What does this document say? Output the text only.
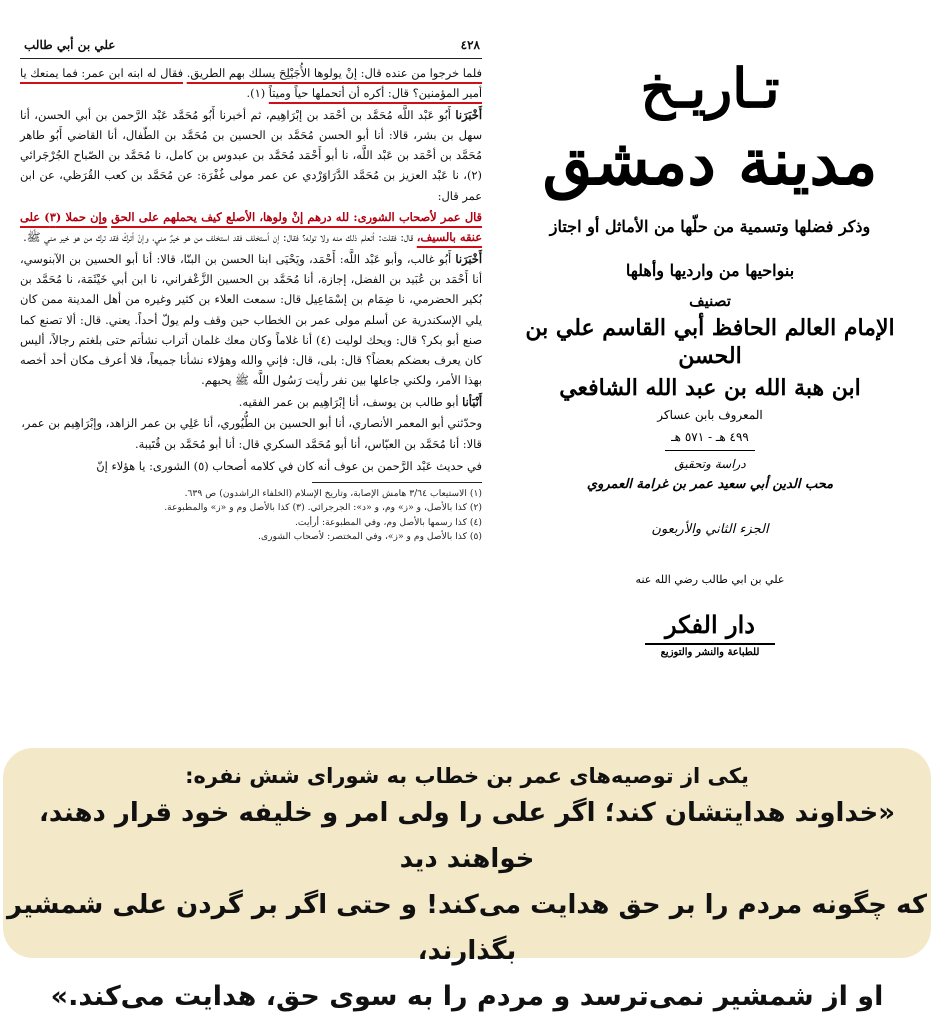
٤٢٨
علي بن أبي طالب

فلما خرجوا من عنده قال: إنْ يولوها الأُجَيْلِحَ يسلك بهم الطريق. فقال له ابنه ابن عمر: فما يمنعك يا أمير المؤمنين؟ قال: أكره أن أتحملها حياً وميتاً (١).

أَخْبَرَنا أَبُو عَبْد اللَّه مُحَمَّد بن أحْمَد بن إبْرَاهِيم، ثم أخبرنا أَبُو مُحَمَّد عَبْد الرَّحمن بن أبي الحسن، أنا سهل بن بشر، قالا: أنا أبو الحسن مُحَمَّد بن الحسين بن مُحَمَّد بن الطّفال، أنا القاضي أَبُو طاهر مُحَمَّد بن أحْمَد بن عَبْد اللَّه، نا أبو أَحْمَد مُحَمَّد بن عبدوس بن كامل، نا مُحَمَّد بن الصّباح الجُرْجَرائي (٢)، نا عَبْد العزيز بن مُحَمَّد الدَّرَاوَرْدي عن عمر مولى غُفْرَة: عن مُحَمَّد بن كعب القُرَظي، عن ابن عمر قال:

قال عمر لأصحاب الشورى: لله درهم إنْ ولوها، الأصلع كيف يحملهم على الحق وإن حملا (٣) على عنقه بالسيف، قال: فقلت: أتعلم ذلك منه ولا توله؟ فقال: إن أستخلف فقد استخلف من هو خيرٌ مني، وإنْ أتركْ فقد ترك من هو خير مني ﷺ.

أَخْبَرَنا أَبُو غالب، وأبو عَبْد اللَّه: أَحْمَد، ويَحْيَى ابنا الحسن بن البنّا، قالا: أنا أبو الحسين بن الآبنوسي، أنا أَحْمَد بن عُبَيد بن الفضل، إجازة، أنا مُحَمَّد بن الحسين الزَّعْفراني، نا ابن أبي خَيْثَمَة، نا مُحَمَّد بن بُكير الحضرمي، نا ضِمَام بن إسْمَاعِيل قال: سمعت العلاء بن كثير وغيره من أهل المدينة ممن كان يلي الإسكندرية عن أسلم مولى عمر بن الخطاب حين وقف ولم يولّ أحداً. يعني. قال: ألا تصنع كما صنع أبو بكر؟ قال: ويحك لوليت (٤) أنا غلاماً وكان معك غلمان أتراب نشأتم حتى بلغتم رجالاً، أليس كان يعرف بعضكم بعضاً؟ قال: بلى، قال: فإني والله وهؤلاء نشأنا جميعاً، فلا أعرف مكان أحد أخصه بهذا الأمر، ولكني جاعلها بين نفر رأيت رَسُول اللَّه ﷺ يحبهم.

أَنْبَأنا أبو طالب بن يوسف، أنا إبْرَاهِيم بن عمر الفقيه.

وحدّثني أبو المعمر الأنصاري، أنا أبو الحسين بن الطُّيُوري، أنا عَلِي بن عمر الزاهد، وإبْرَاهِيم بن عمر،

قالا: أنا مُحَمَّد بن العبّاس، أنا أبو مُحَمَّد السكري قال: أنا أبو مُحَمَّد بن قُتَيبة.

في حديث عَبْد الرَّحمن بن عوف أنه كان في كلامه أصحاب (٥) الشورى: يا هؤلاء إنّ

(١) الاستيعاب ٣/٦٤ هامش الإصابة، وتاريخ الإسلام (الخلفاء الراشدون) ص ٦٣٩.
(٢) كذا بالأصل، و «ز» وم، و «د»: الجرجرائي. (٣) كذا بالأصل وم و «ز» والمطبوعة.
(٤) كذا رسمها بالأصل وم، وفي المطبوعة: أرأيت.
(٥) كذا بالأصل وم و «ز»، وفي المختصر: لأصحاب الشورى.
تـاريـخ
مدينة دمشق
وذكر فضلها وتسمية من حلّها من الأماثل أو اجتاز
بنواحيها من وارديها وأهلها
تصنيف
الإمام العالم الحافظ أبي القاسم علي بن الحسن
ابن هبة الله بن عبد الله الشافعي
المعروف بابن عساكر
٤٩٩ هـ - ٥٧١ هـ
دراسة وتحقيق
محب الدين أبي سعيد عمر بن غرامة العمروي
الجزء الثاني والأربعون
علي بن ابي طالب رضي الله عنه
دار الفكر
للطباعة والنشر والتوزيع
یکی از توصیه‌های عمر بن خطاب به شورای شش نفره:
«خداوند هدایتشان کند؛ اگر علی را ولی امر و خلیفه خود قرار دهند، خواهند دید
که چگونه مردم را بر حق هدایت می‌کند! و حتی اگر بر گردن علی شمشیر بگذارند،
او از شمشیر نمی‌ترسد و مردم را به سوی حق، هدایت می‌کند.»
